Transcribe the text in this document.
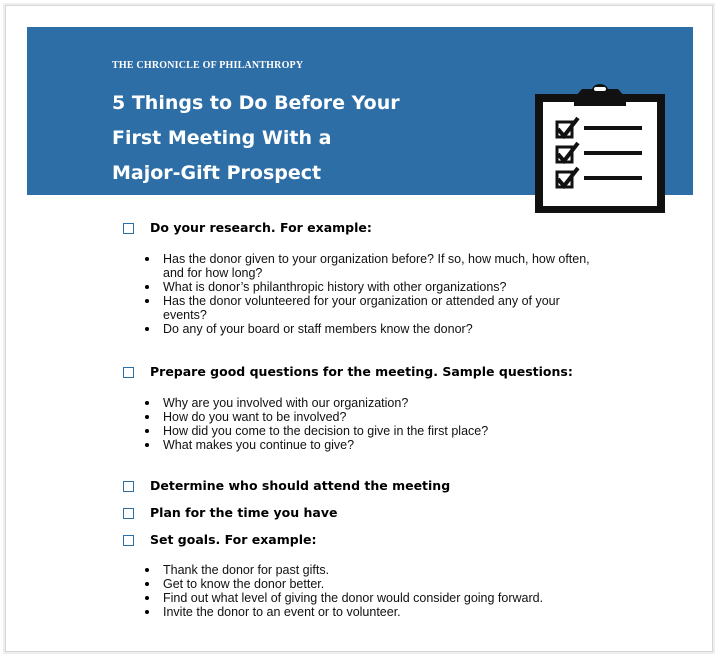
THE CHRONICLE OF PHILANTHROPY
5 Things to Do Before Your
First Meeting With a
Major-Gift Prospect
Do your research. For example:
Has the donor given to your organization before? If so, how much, how often, and for how long?
What is donor’s philanthropic history with other organizations?
Has the donor volunteered for your organization or attended any of your events?
Do any of your board or staff members know the donor?
Prepare good questions for the meeting. Sample questions:
Why are you involved with our organization?
How do you want to be involved?
How did you come to the decision to give in the first place?
What makes you continue to give?
Determine who should attend the meeting
Plan for the time you have
Set goals. For example:
Thank the donor for past gifts.
Get to know the donor better.
Find out what level of giving the donor would consider going forward.
Invite the donor to an event or to volunteer.
